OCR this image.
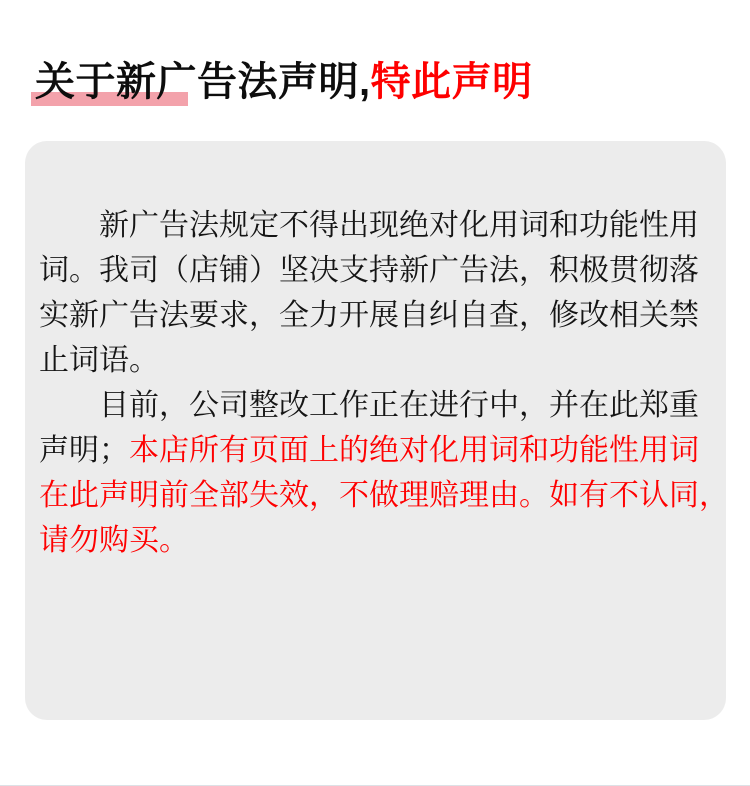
关于新广告法声明,特此声明
新广告法规定不得出现绝对化用词和功能性用
词。我司（店铺）坚决支持新广告法，积极贯彻落
实新广告法要求，全力开展自纠自查，修改相关禁
止词语。
目前，公司整改工作正在进行中，并在此郑重
声明；本店所有页面上的绝对化用词和功能性用词
在此声明前全部失效，不做理赔理由。如有不认同，
请勿购买。
